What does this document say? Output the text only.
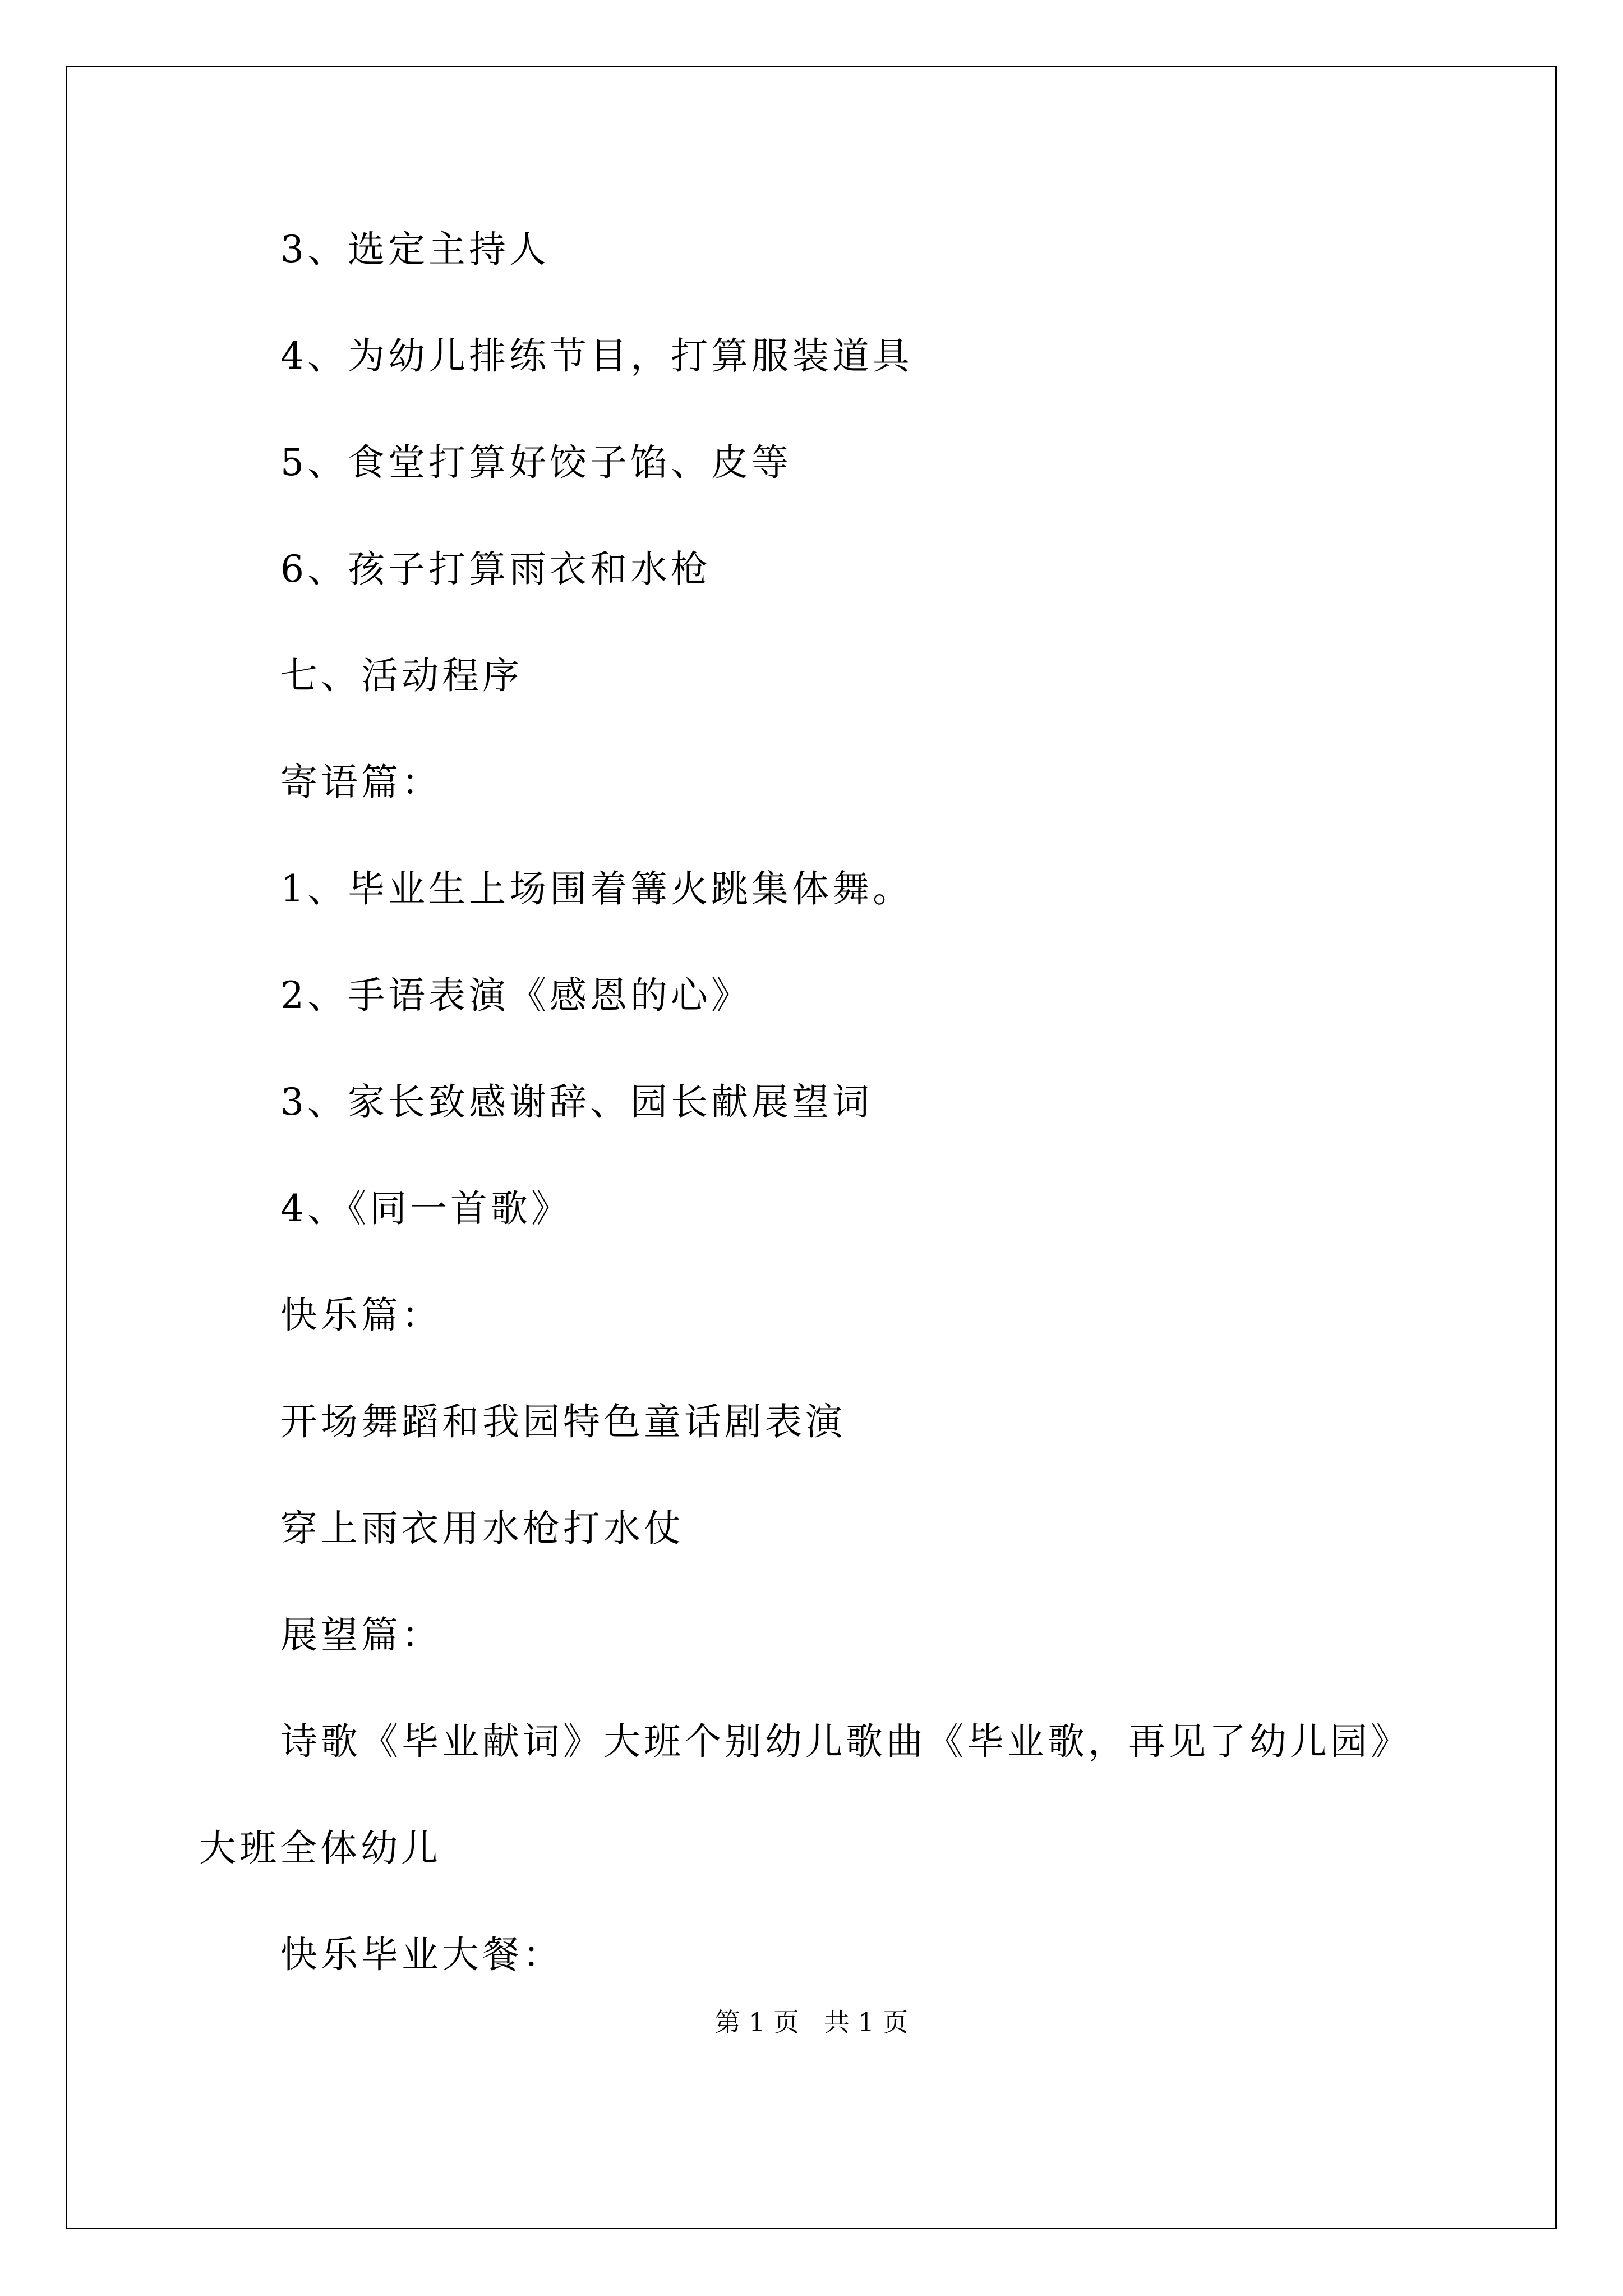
3、选定主持人
4、为幼儿排练节目，打算服装道具
5、食堂打算好饺子馅、皮等
6、孩子打算雨衣和水枪
七、活动程序
寄语篇：
1、毕业生上场围着篝火跳集体舞。
2、手语表演《感恩的心》
3、家长致感谢辞、园长献展望词
4、《同一首歌》
快乐篇：
开场舞蹈和我园特色童话剧表演
穿上雨衣用水枪打水仗
展望篇：
诗歌《毕业献词》大班个别幼儿歌曲《毕业歌，再见了幼儿园》
大班全体幼儿
快乐毕业大餐：
第 1 页 共 1 页
